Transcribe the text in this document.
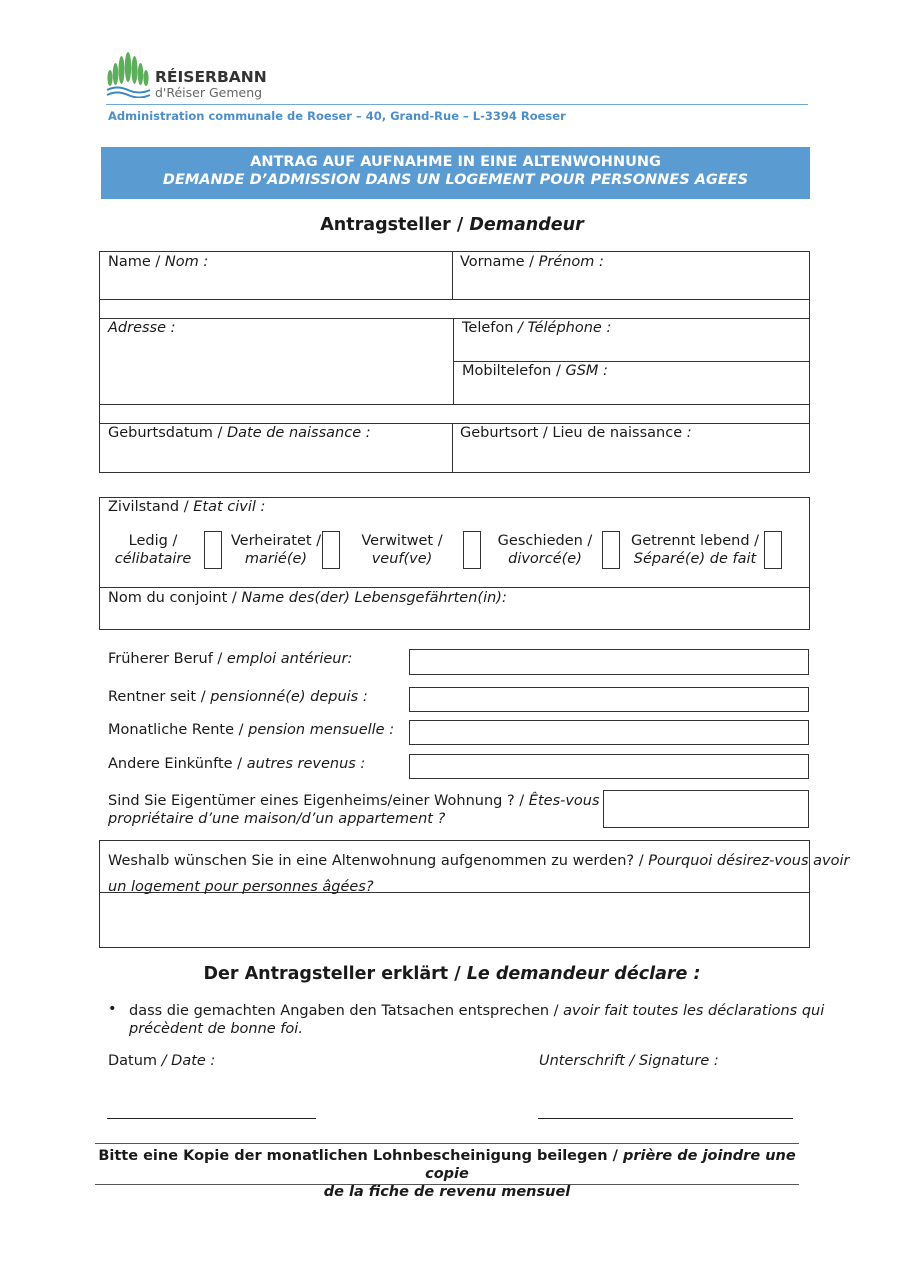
RÉISERBANN
d'Réiser Gemeng
Administration communale de Roeser – 40, Grand-Rue – L-3394 Roeser
ANTRAG AUF AUFNAHME IN EINE ALTENWOHNUNG
DEMANDE D’ADMISSION DANS UN LOGEMENT POUR PERSONNES AGEES
Antragsteller / Demandeur
Name / Nom :	Vorname / Prénom :
Adresse :	Telefon / Téléphone :
Mobiltelefon / GSM :
Geburtsdatum / Date de naissance :	Geburtsort / Lieu de naissance :
Zivilstand / Etat civil :
Ledig /
célibataire
Verheiratet /
marié(e)
Verwitwet /
veuf(ve)
Geschieden /
divorcé(e)
Getrennt lebend /
Séparé(e) de fait
Nom du conjoint / Name des(der) Lebensgefährten(in):
Früherer Beruf / emploi antérieur:
Rentner seit / pensionné(e) depuis :
Monatliche Rente / pension mensuelle :
Andere Einkünfte / autres revenus :
Sind Sie Eigentümer eines Eigenheims/einer Wohnung ? / Êtes-vous
propriétaire d’une maison/d’un appartement ?
Weshalb wünschen Sie in eine Altenwohnung aufgenommen zu werden? / Pourquoi désirez-vous avoir
un logement pour personnes âgées?
Der Antragsteller erklärt / Le demandeur déclare :
• dass die gemachten Angaben den Tatsachen entsprechen / avoir fait toutes les déclarations qui
précèdent de bonne foi.
Datum / Date :	Unterschrift / Signature :
Bitte eine Kopie der monatlichen Lohnbescheinigung beilegen / prière de joindre une copie
de la fiche de revenu mensuel
